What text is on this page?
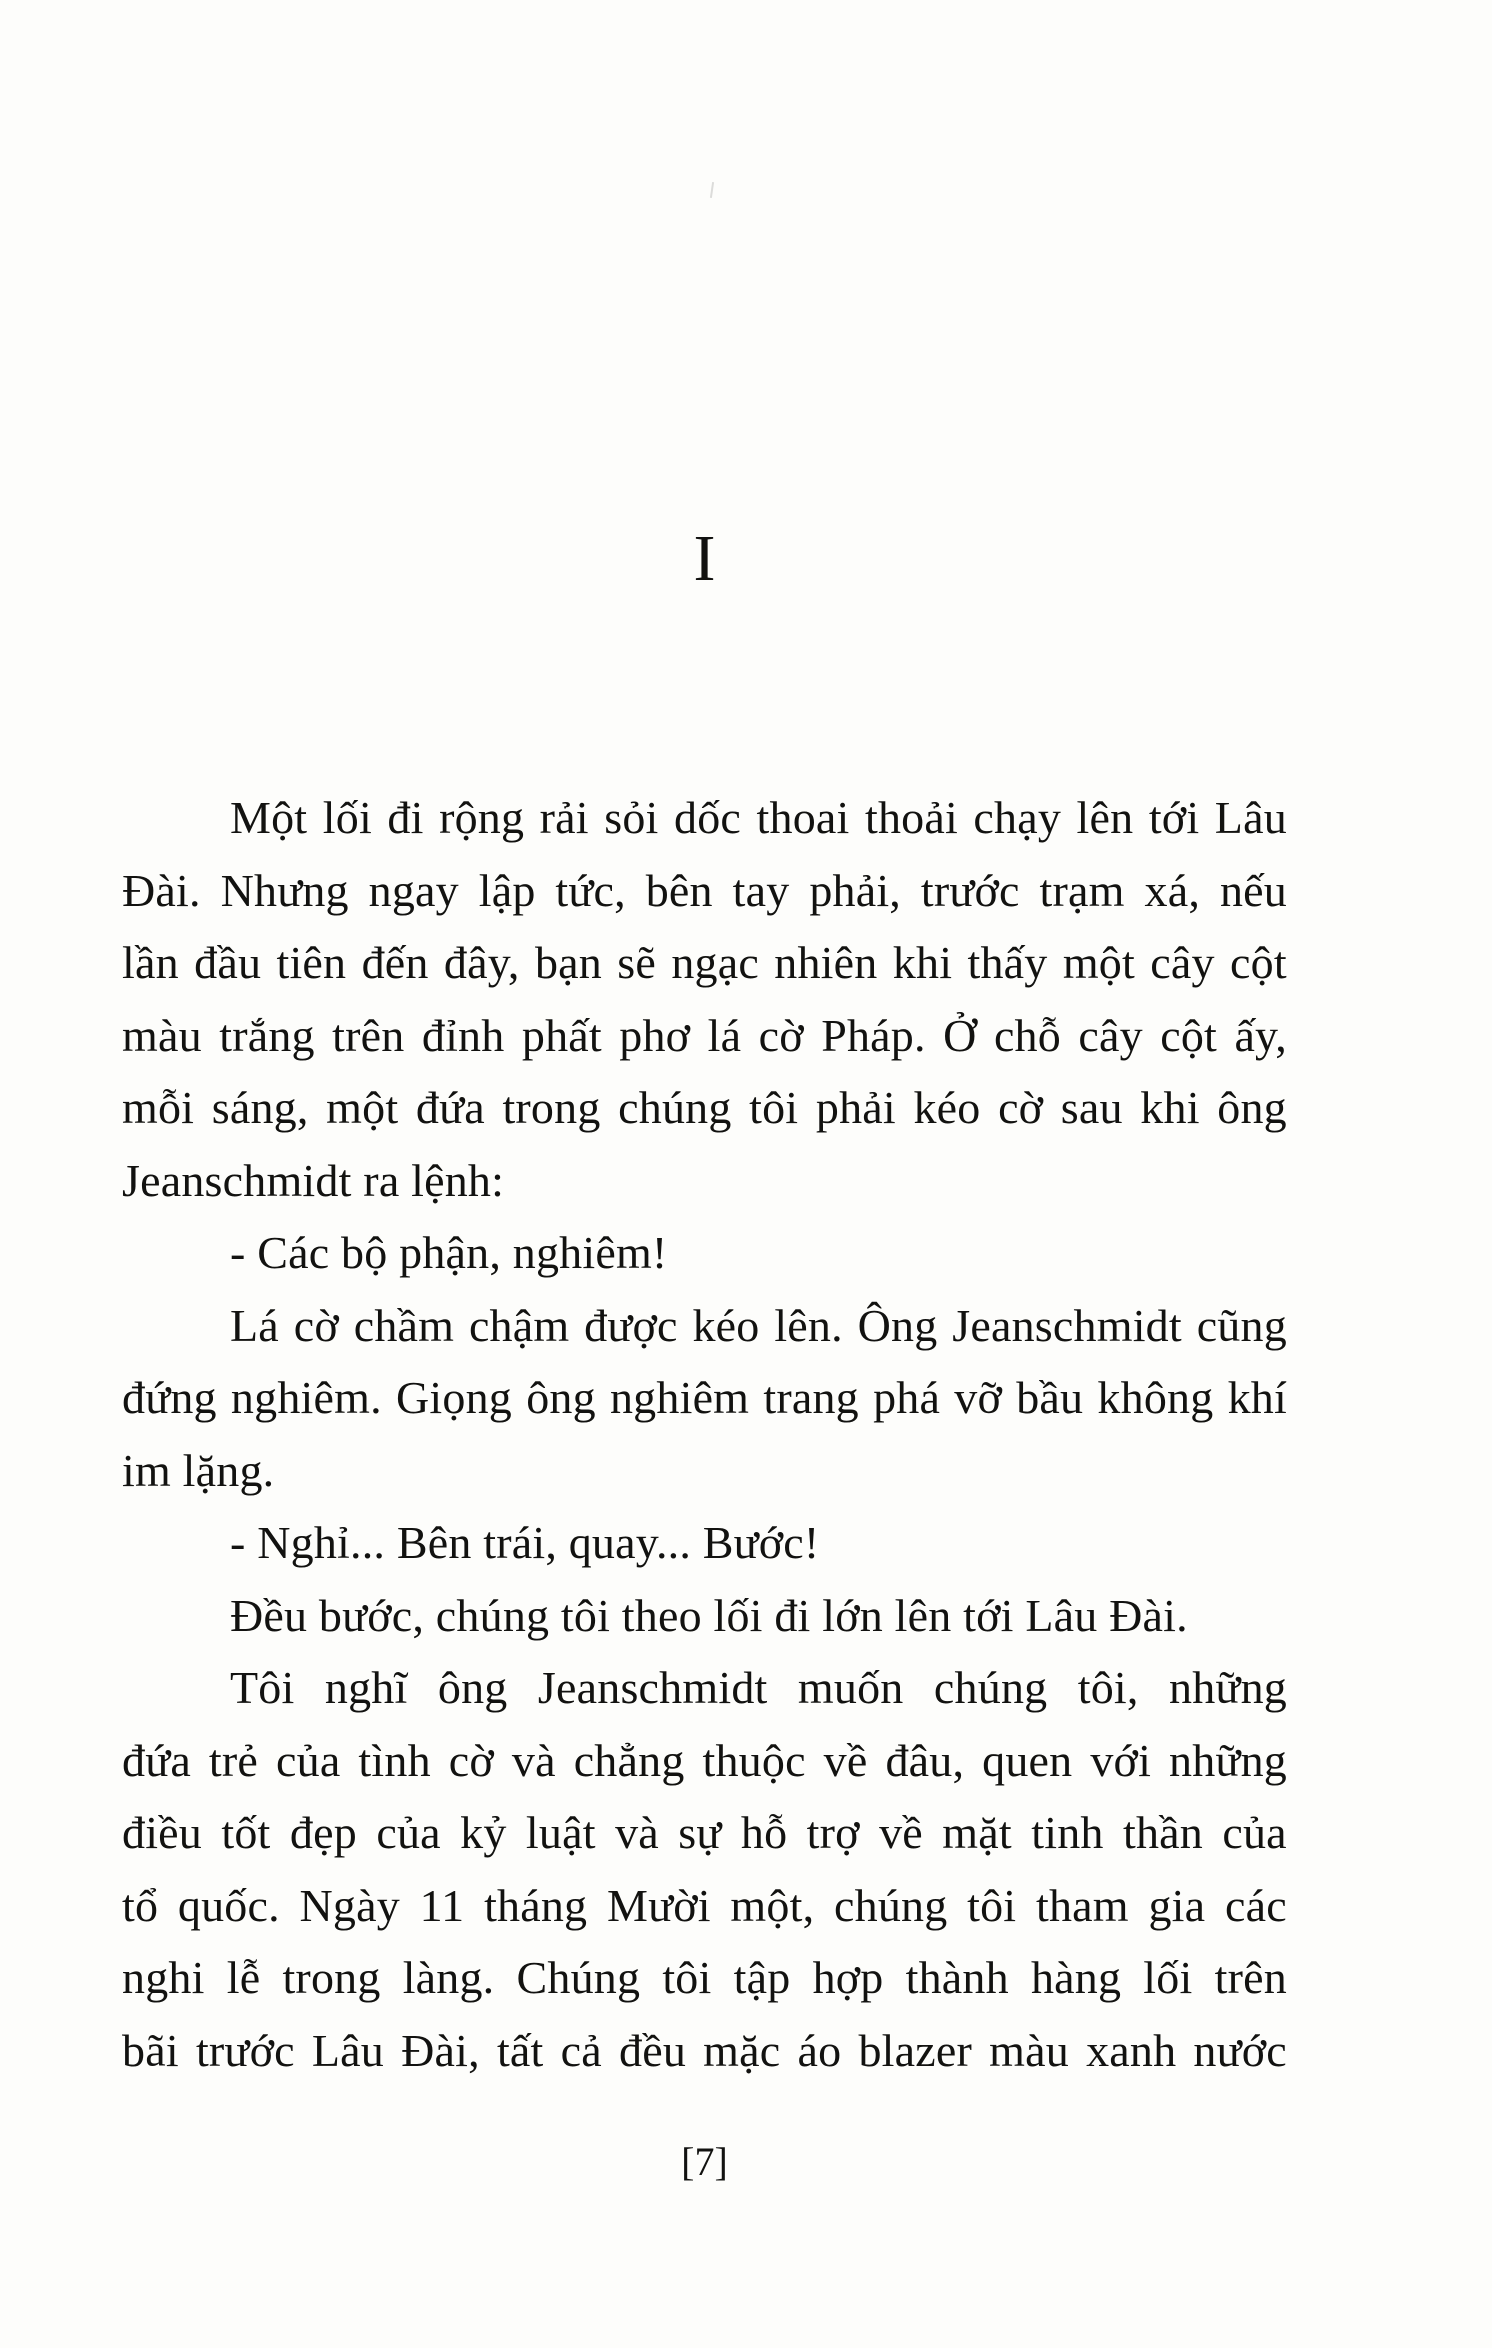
I
Một lối đi rộng rải sỏi dốc thoai thoải chạy lên tới Lâu
Đài. Nhưng ngay lập tức, bên tay phải, trước trạm xá, nếu
lần đầu tiên đến đây, bạn sẽ ngạc nhiên khi thấy một cây cột
màu trắng trên đỉnh phất phơ lá cờ Pháp. Ở chỗ cây cột ấy,
mỗi sáng, một đứa trong chúng tôi phải kéo cờ sau khi ông
Jeanschmidt ra lệnh:
- Các bộ phận, nghiêm!
Lá cờ chầm chậm được kéo lên. Ông Jeanschmidt cũng
đứng nghiêm. Giọng ông nghiêm trang phá vỡ bầu không khí
im lặng.
- Nghỉ... Bên trái, quay... Bước!
Đều bước, chúng tôi theo lối đi lớn lên tới Lâu Đài.
Tôi nghĩ ông Jeanschmidt muốn chúng tôi, những
đứa trẻ của tình cờ và chẳng thuộc về đâu, quen với những
điều tốt đẹp của kỷ luật và sự hỗ trợ về mặt tinh thần của
tổ quốc. Ngày 11 tháng Mười một, chúng tôi tham gia các
nghi lễ trong làng. Chúng tôi tập hợp thành hàng lối trên
bãi trước Lâu Đài, tất cả đều mặc áo blazer màu xanh nước
[7]
